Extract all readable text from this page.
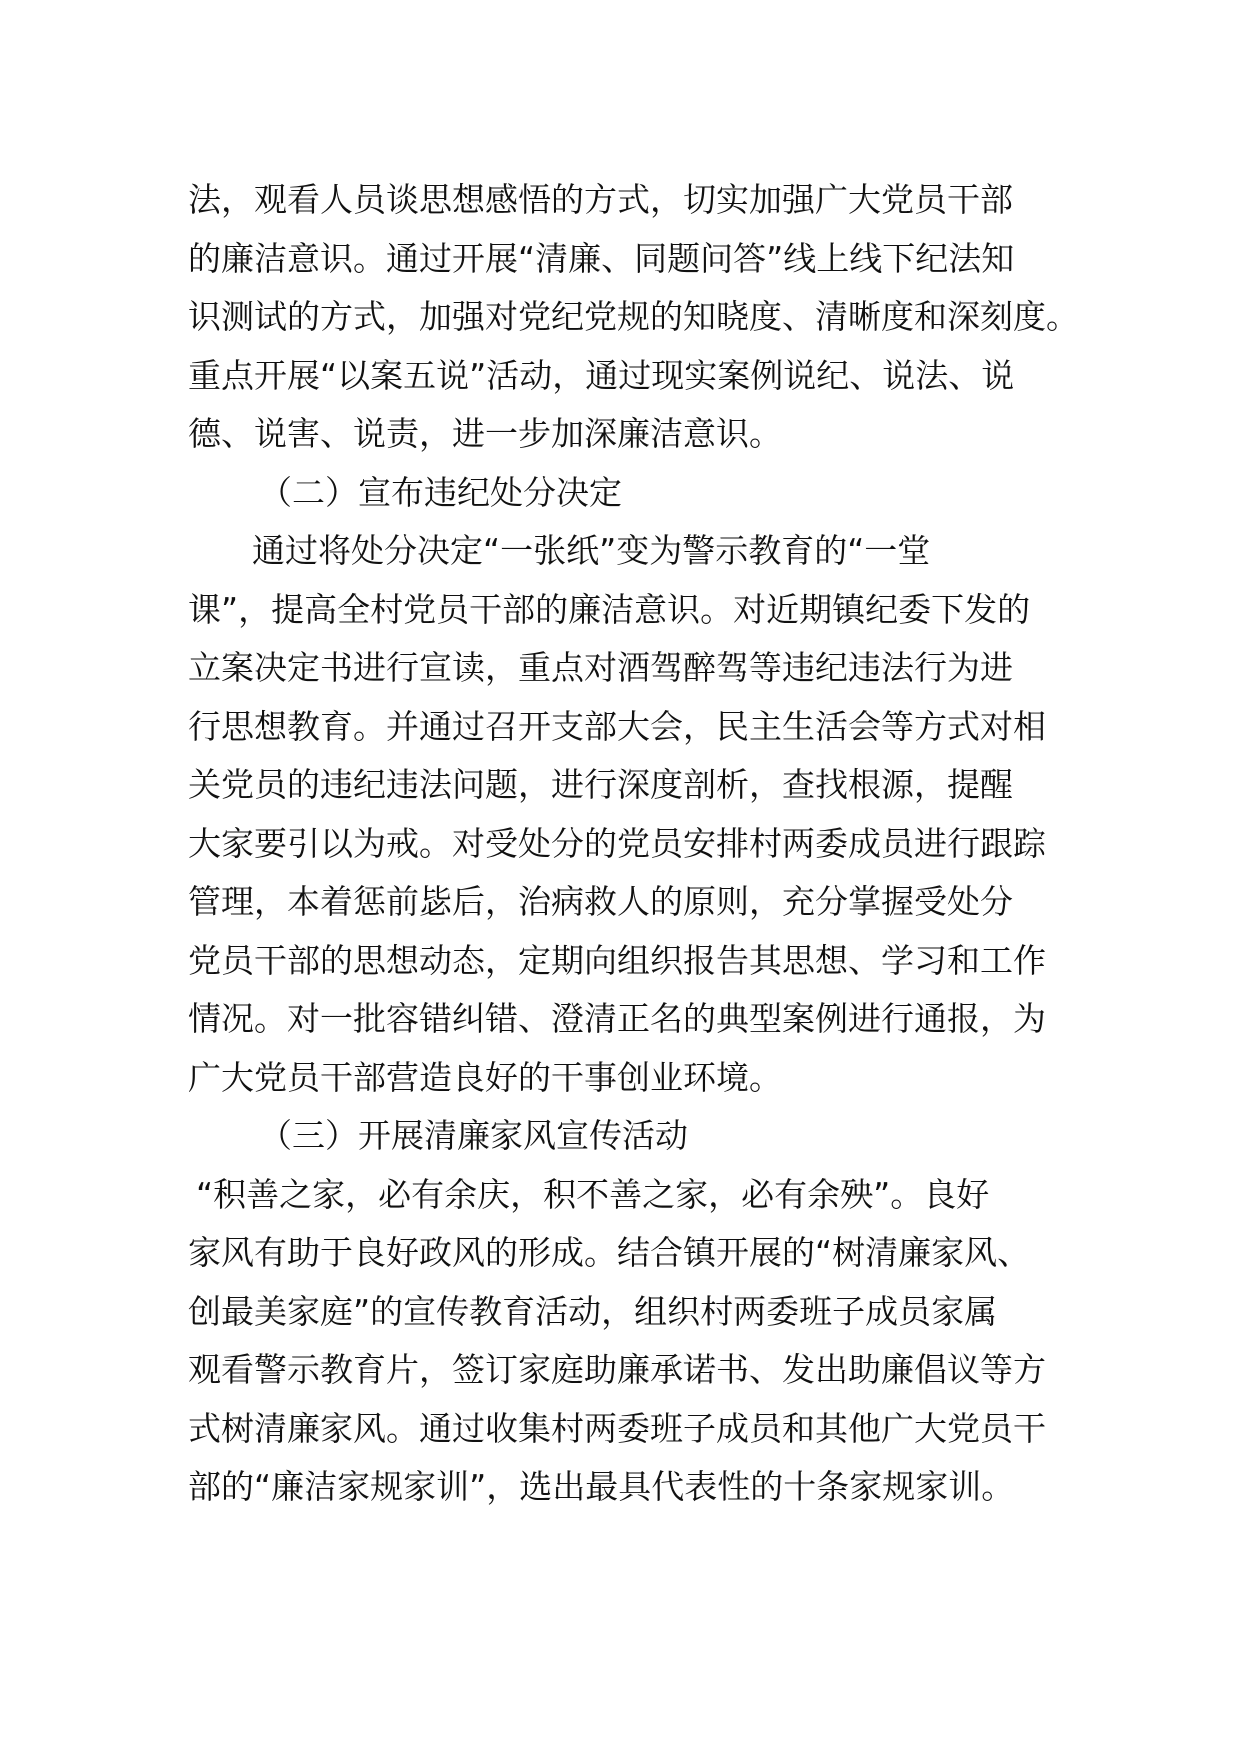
法，观看人员谈思想感悟的方式，切实加强广大党员干部
的廉洁意识。通过开展“清廉、同题问答”线上线下纪法知
识测试的方式，加强对党纪党规的知晓度、清晰度和深刻度。
重点开展“以案五说”活动，通过现实案例说纪、说法、说
德、说害、说责，进一步加深廉洁意识。
（二）宣布违纪处分决定
通过将处分决定“一张纸”变为警示教育的“一堂
课”，提高全村党员干部的廉洁意识。对近期镇纪委下发的
立案决定书进行宣读，重点对酒驾醉驾等违纪违法行为进
行思想教育。并通过召开支部大会，民主生活会等方式对相
关党员的违纪违法问题，进行深度剖析，查找根源，提醒
大家要引以为戒。对受处分的党员安排村两委成员进行跟踪
管理，本着惩前毖后，治病救人的原则，充分掌握受处分
党员干部的思想动态，定期向组织报告其思想、学习和工作
情况。对一批容错纠错、澄清正名的典型案例进行通报，为
广大党员干部营造良好的干事创业环境。
（三）开展清廉家风宣传活动
“积善之家，必有余庆，积不善之家，必有余殃”。良好
家风有助于良好政风的形成。结合镇开展的“树清廉家风、
创最美家庭”的宣传教育活动，组织村两委班子成员家属
观看警示教育片，签订家庭助廉承诺书、发出助廉倡议等方
式树清廉家风。通过收集村两委班子成员和其他广大党员干
部的“廉洁家规家训”，选出最具代表性的十条家规家训。
